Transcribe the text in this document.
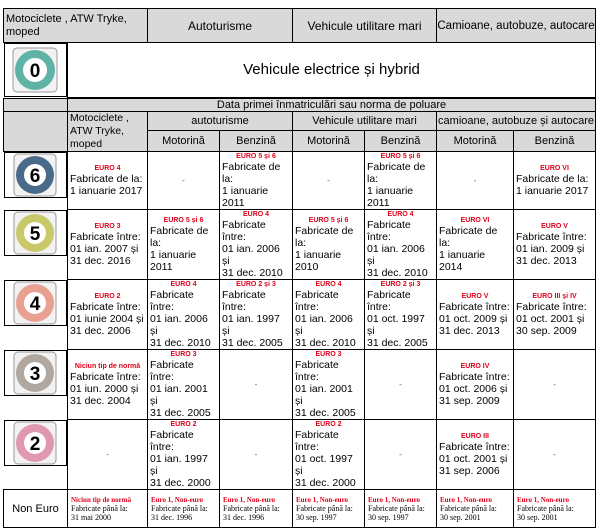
Motociclete , ATW Tryke, moped		Autoturisme	Vehicule utilitare mari	Camioane, autobuze, autocare

0	Vehicule electrice și hybrid			
	Data primei înmatriculări sau norma de poluare						
	Motociclete , ATW Tryke, moped	autoturisme		Vehicule utilitare mari		camioane, autobuze și autocare	
		Motorină	Benzină	Motorină	Benzină	Motorină	Benzină

6	EURO 4
Fabricate de la:
1 ianuarie 2017	-	EURO 5 și 6
Fabricate de la:
1 ianuarie 2011	-	EURO 5 și 6
Fabricate de la:
1 ianuarie 2011	-	EURO VI
Fabricate de la:
1 ianuarie 2017

5	EURO 3
Fabricate între:
01 ian. 2007 și
31 dec. 2016	EURO 5 și 6
Fabricate de la:
1 ianuarie 2011	EURO 4
Fabricate între:
01 ian. 2006 și
31 dec. 2010	EURO 5 și 6
Fabricate de la:
1 ianuarie 2010	EURO 4
Fabricate între:
01 ian. 2006 și
31 dec. 2010	EURO VI
Fabricate de la:
1 ianuarie 2014	EURO V
Fabricate între:
01 ian. 2009 și
31 dec. 2013

4	EURO 2
Fabricate între:
01 iunie 2004 și
31 dec. 2006	EURO 4
Fabricate între:
01 ian. 2006 și
31 dec. 2010	EURO 2 și 3
Fabricate între:
01 ian. 1997 și
31 dec. 2005	EURO 4
Fabricate între:
01 ian. 2006 și
31 dec. 2010	EURO 2 și 3
Fabricate între:
01 oct. 1997 și
31 dec. 2005	EURO V
Fabricate între:
01 oct. 2009 și
31 dec. 2013	EURO III și IV
Fabricate între:
01 oct. 2001 și
30 sep. 2009

3	Niciun tip de normă
Fabricate între:
01 iun. 2000 și
31 dec. 2004	EURO 3
Fabricate între:
01 ian. 2001 și
31 dec. 2005	-	EURO 3
Fabricate între:
01 ian. 2001 și
31 dec. 2005	-	EURO IV
Fabricate între:
01 oct. 2006 și
31 sep. 2009	-

2	-	EURO 2
Fabricate între:
01 ian. 1997 și
31 dec. 2000	-	EURO 2
Fabricate între:
01 oct. 1997 și
31 dec. 2000	-	EURO III
Fabricate între:
01 oct. 2001 și
31 sep. 2006	-
Non Euro	Niciun tip de normă
Fabricate până la:
31 mai 2000	Euro 1, Non-euro
Fabricate până la:
31 dec. 1996	Euro 1, Non-euro
Fabricate până la:
31 dec. 1996	Euro 1, Non-euro
Fabricate până la:
30 sep. 1997	Euro 1, Non-euro
Fabricate până la:
30 sep. 1997	Euro 1, Non-euro
Fabricate până la:
30 sep. 2001	Euro 1, Non-euro
Fabricate până la:
30 sep. 2001
